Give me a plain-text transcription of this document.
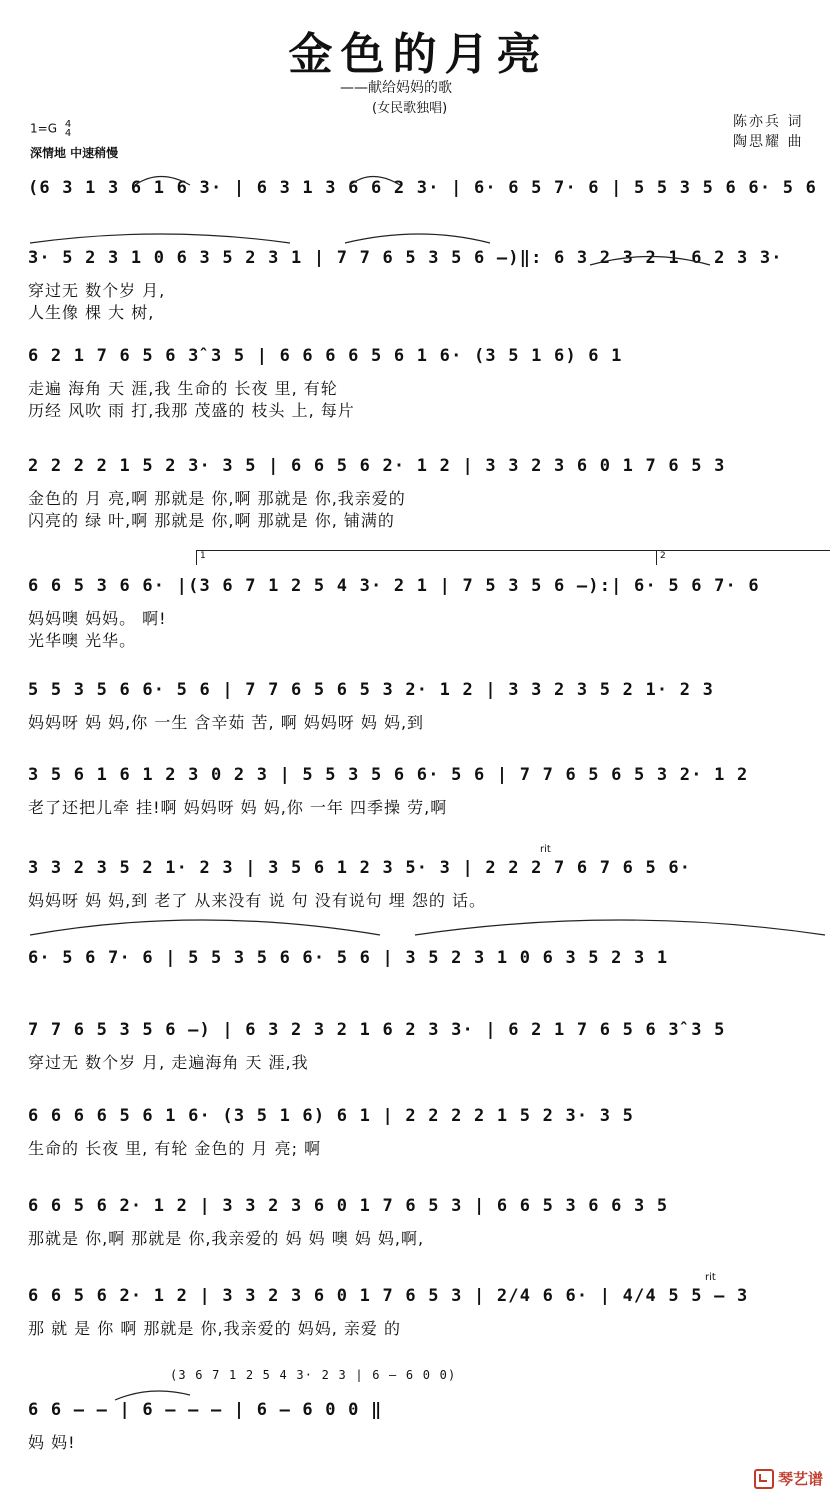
金色的月亮
——献给妈妈的歌
(女民歌独唱)
陈亦兵 词
陶思耀 曲
1=G 4
4
深情地 中速稍慢
(6 3 1 3 6 1 6 3· | 6 3 1 3 6 6 2 3· | 6· 6 5 7· 6 | 5 5 3 5 6 6· 5 6
3· 5 2 3 1 0 6 3 5 2 3 1 | 7 7 6 5 3 5 6 –)‖: 6 3 2 3 2 1 6 2 3 3·
穿过无 数个岁 月,
人生像 棵 大 树,
6 2 1 7 6 5 6 3̂ 3 5 | 6 6 6 6 5 6 1 6· (3 5 1 6) 6 1
走遍 海角 天 涯,我 生命的 长夜 里, 有轮
历经 风吹 雨 打,我那 茂盛的 枝头 上, 每片
2 2 2 2 1 5 2 3· 3 5 | 6 6 5 6 2· 1 2 | 3 3 2 3 6 0 1 7 6 5 3
金色的 月 亮,啊 那就是 你,啊 那就是 你,我亲爱的
闪亮的 绿 叶,啊 那就是 你,啊 那就是 你, 铺满的
6 6 5 3 6 6· |(3 6 7 1 2 5 4 3· 2 1 | 7 5 3 5 6 –):| 6· 5 6 7· 6
妈妈噢 妈妈。 啊!
光华噢 光华。
5 5 3 5 6 6· 5 6 | 7 7 6 5 6 5 3 2· 1 2 | 3 3 2 3 5 2 1· 2 3
妈妈呀 妈 妈,你 一生 含辛茹 苦, 啊 妈妈呀 妈 妈,到
3 5 6 1 6 1 2 3 0 2 3 | 5 5 3 5 6 6· 5 6 | 7 7 6 5 6 5 3 2· 1 2
老了还把儿牵 挂!啊 妈妈呀 妈 妈,你 一年 四季操 劳,啊
rit
3 3 2 3 5 2 1· 2 3 | 3 5 6 1 2 3 5· 3 | 2 2 2 7 6 7 6 5 6·
妈妈呀 妈 妈,到 老了 从来没有 说 句 没有说句 埋 怨的 话。
6· 5 6 7· 6 | 5 5 3 5 6 6· 5 6 | 3 5 2 3 1 0 6 3 5 2 3 1
7 7 6 5 3 5 6 –) | 6 3 2 3 2 1 6 2 3 3· | 6 2 1 7 6 5 6 3̂ 3 5
穿过无 数个岁 月, 走遍海角 天 涯,我
6 6 6 6 5 6 1 6· (3 5 1 6) 6 1 | 2 2 2 2 1 5 2 3· 3 5
生命的 长夜 里, 有轮 金色的 月 亮; 啊
6 6 5 6 2· 1 2 | 3 3 2 3 6 0 1 7 6 5 3 | 6 6 5 3 6 6 3 5
那就是 你,啊 那就是 你,我亲爱的 妈 妈 噢 妈 妈,啊,
rit
6 6 5 6 2· 1 2 | 3 3 2 3 6 0 1 7 6 5 3 | 2/4 6 6· | 4/4 5 5 – 3
那 就 是 你 啊 那就是 你,我亲爱的 妈妈, 亲爱 的
(3 6 7 1 2 5 4 3· 2 3 | 6 – 6 0 0)
6 6 – – | 6 – – – | 6 – 6 0 0 ‖
妈 妈!
1	2
琴艺谱
